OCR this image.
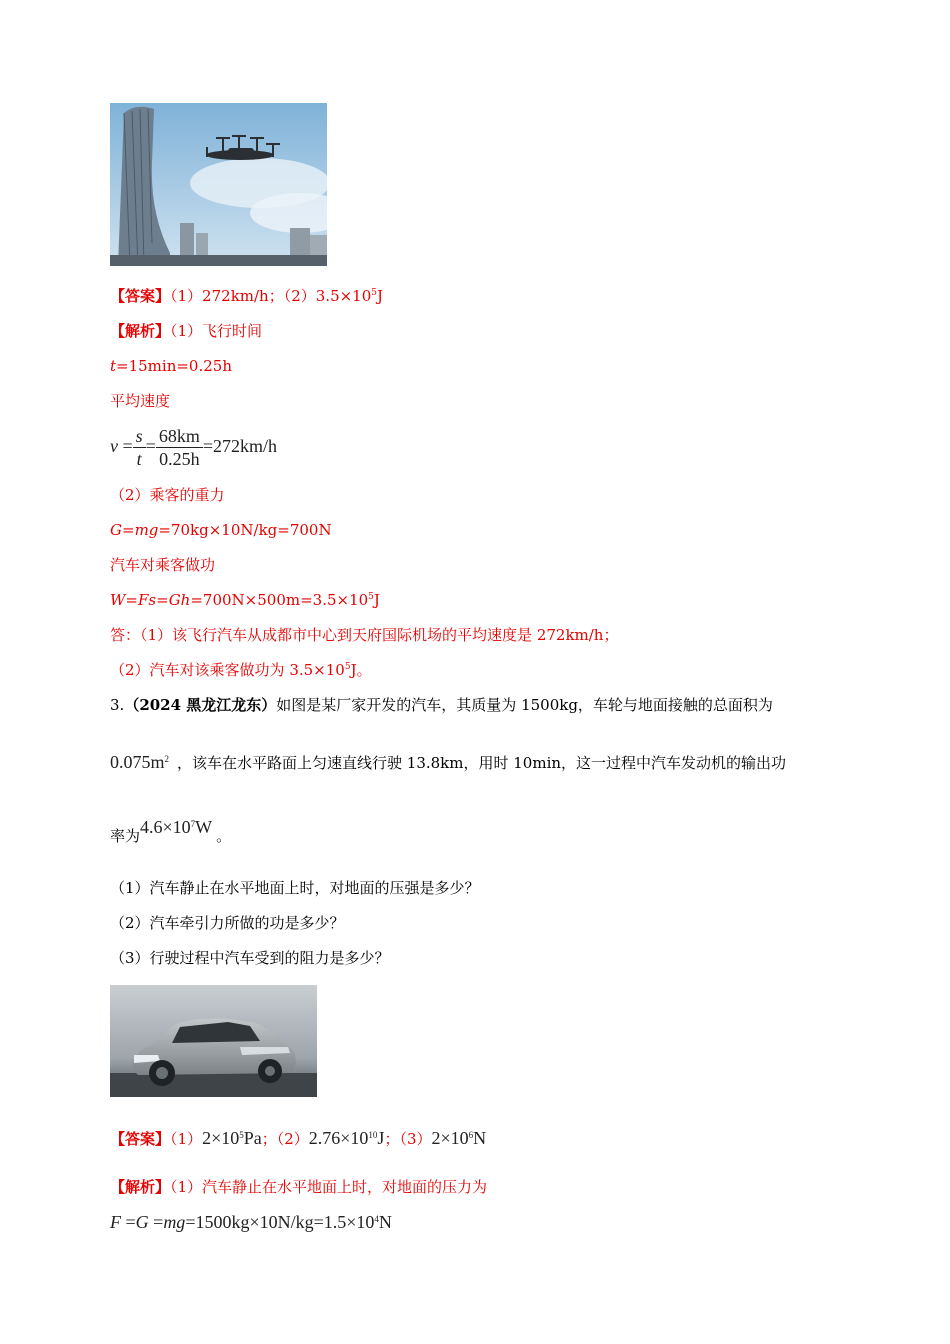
【答案】（1）272km/h；$(2)3.5\times 10^5J$
【解析】（1）飞行时间
t=15min=0.25h
平均速度
$v = \frac{s}{t} = \frac{68km}{0.25h} =272km/h$
（2）乘客的重力
G=mg=70kg×10N/kg=700N
汽车对乘客做功
$W=Fs=Gh=700N\times 500m=3.5\times 10^5J$
答：（1）该飞行汽车从成都市中心到天府国际机场的平均速度是 272km/h；
（2）汽车对该乘客做功为 $3.5\times 10^5J$。
3.（2024 黑龙江龙东）如图是某厂家开发的汽车，其质量为 1500kg，车轮与地面接触的总面积为
$0.075m^2$ ，该车在水平路面上匀速直线行驶 13.8km，用时 10min，这一过程中汽车发动机的输出功
率为$4.6\times 10^7W$ 。
（1）汽车静止在水平地面上时，对地面的压强是多少？
（2）汽车牵引力所做的功是多少？
（3）行驶过程中汽车受到的阻力是多少？
【答案】$(1)2\times 10^5Pa$；$(2)2.76\times 10^{10}J$；$(3)2\times 10^6N$
【解析】（1）汽车静止在水平地面上时，对地面的压力为
$F =G =mg=1500kg\times 10N/kg=1.5\times 10^4N$
